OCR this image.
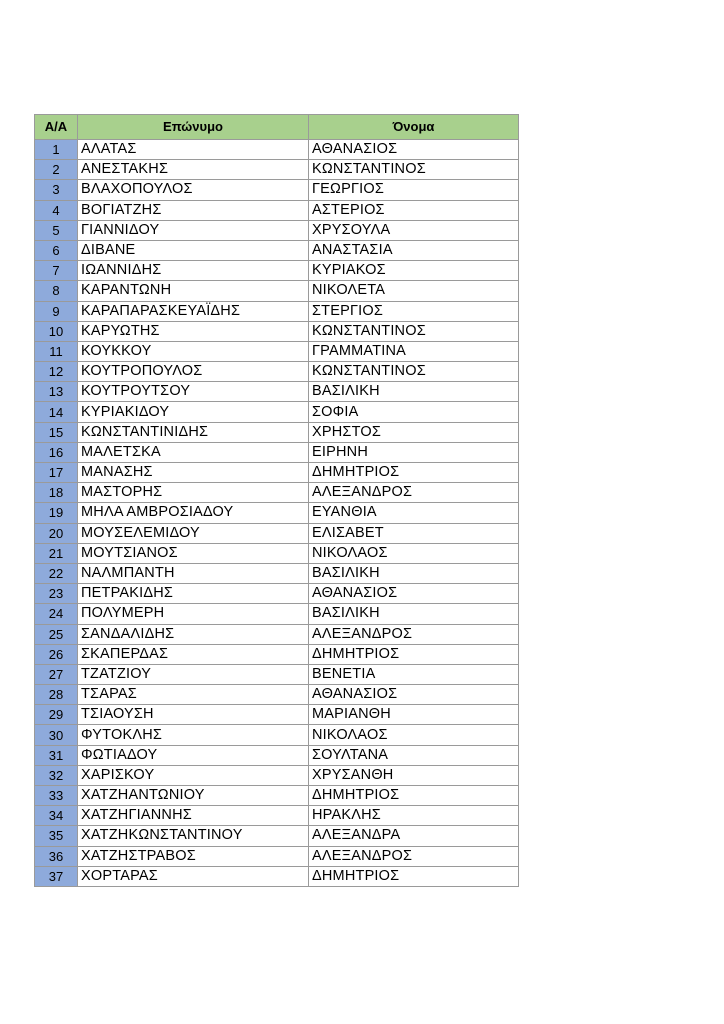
Α/Α	Επώνυμο	Όνομα
1	ΑΛΑΤΑΣ	ΑΘΑΝΑΣΙΟΣ
2	ΑΝΕΣΤΑΚΗΣ	ΚΩΝΣΤΑΝΤΙΝΟΣ
3	ΒΛΑΧΟΠΟΥΛΟΣ	ΓΕΩΡΓΙΟΣ
4	ΒΟΓΙΑΤΖΗΣ	ΑΣΤΕΡΙΟΣ
5	ΓΙΑΝΝΙΔΟΥ	ΧΡΥΣΟΥΛΑ
6	ΔΙΒΑΝΕ	ΑΝΑΣΤΑΣΙΑ
7	ΙΩΑΝΝΙΔΗΣ	ΚΥΡΙΑΚΟΣ
8	ΚΑΡΑΝΤΩΝΗ	ΝΙΚΟΛΕΤΑ
9	ΚΑΡΑΠΑΡΑΣΚΕΥΑΪΔΗΣ	ΣΤΕΡΓΙΟΣ
10	ΚΑΡΥΩΤΗΣ	ΚΩΝΣΤΑΝΤΙΝΟΣ
11	ΚΟΥΚΚΟΥ	ΓΡΑΜΜΑΤΙΝΑ
12	ΚΟΥΤΡΟΠΟΥΛΟΣ	ΚΩΝΣΤΑΝΤΙΝΟΣ
13	ΚΟΥΤΡΟΥΤΣΟΥ	ΒΑΣΙΛΙΚΗ
14	ΚΥΡΙΑΚΙΔΟΥ	ΣΟΦΙΑ
15	ΚΩΝΣΤΑΝΤΙΝΙΔΗΣ	ΧΡΗΣΤΟΣ
16	ΜΑΛΕΤΣΚΑ	ΕΙΡΗΝΗ
17	ΜΑΝΑΣΗΣ	ΔΗΜΗΤΡΙΟΣ
18	ΜΑΣΤΟΡΗΣ	ΑΛΕΞΑΝΔΡΟΣ
19	ΜΗΛΑ ΑΜΒΡΟΣΙΑΔΟΥ	ΕΥΑΝΘΙΑ
20	ΜΟΥΣΕΛΕΜΙΔΟΥ	ΕΛΙΣΑΒΕΤ
21	ΜΟΥΤΣΙΑΝΟΣ	ΝΙΚΟΛΑΟΣ
22	ΝΑΛΜΠΑΝΤΗ	ΒΑΣΙΛΙΚΗ
23	ΠΕΤΡΑΚΙΔΗΣ	ΑΘΑΝΑΣΙΟΣ
24	ΠΟΛΥΜΕΡΗ	ΒΑΣΙΛΙΚΗ
25	ΣΑΝΔΑΛΙΔΗΣ	ΑΛΕΞΑΝΔΡΟΣ
26	ΣΚΑΠΕΡΔΑΣ	ΔΗΜΗΤΡΙΟΣ
27	ΤΖΑΤΖΙΟΥ	ΒΕΝΕΤΙΑ
28	ΤΣΑΡΑΣ	ΑΘΑΝΑΣΙΟΣ
29	ΤΣΙΑΟΥΣΗ	ΜΑΡΙΑΝΘΗ
30	ΦΥΤΟΚΛΗΣ	ΝΙΚΟΛΑΟΣ
31	ΦΩΤΙΑΔΟΥ	ΣΟΥΛΤΑΝΑ
32	ΧΑΡΙΣΚΟΥ	ΧΡΥΣΑΝΘΗ
33	ΧΑΤΖΗΑΝΤΩΝΙΟΥ	ΔΗΜΗΤΡΙΟΣ
34	ΧΑΤΖΗΓΙΑΝΝΗΣ	ΗΡΑΚΛΗΣ
35	ΧΑΤΖΗΚΩΝΣΤΑΝΤΙΝΟΥ	ΑΛΕΞΑΝΔΡΑ
36	ΧΑΤΖΗΣΤΡΑΒΟΣ	ΑΛΕΞΑΝΔΡΟΣ
37	ΧΟΡΤΑΡΑΣ	ΔΗΜΗΤΡΙΟΣ
